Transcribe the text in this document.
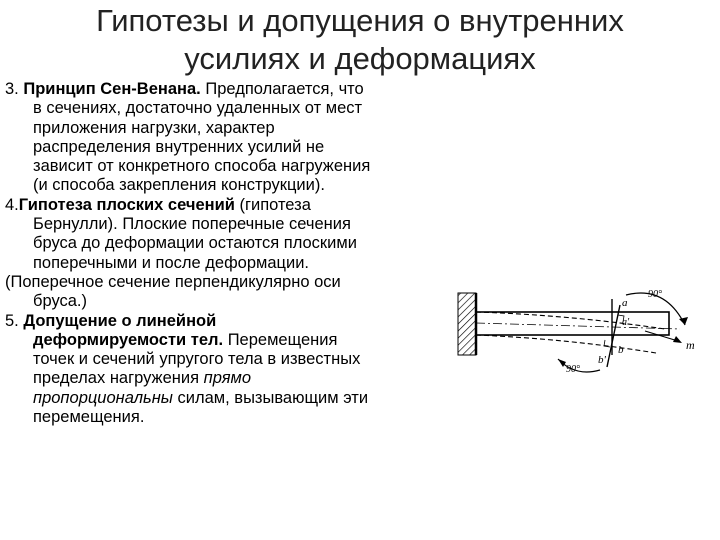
Гипотезы и допущения о внутренних
усилиях и деформациях

3. Принцип Сен-Венана. Предполагается, что
в сечениях, достаточно удаленных от мест
приложения нагрузки, характер
распределения внутренних усилий не
зависит от конкретного способа нагружения
(и способа закрепления конструкции).

4.Гипотеза плоских сечений (гипотеза
Бернулли). Плоские поперечные сечения
бруса до деформации остаются плоскими
поперечными и после деформации.

(Поперечное сечение перпендикулярно оси
бруса.)

5. Допущение о линейной
деформируемости тел. Перемещения
точек и сечений упругого тела в известных
пределах нагружения прямо
пропорциональны силам, вызывающим эти
перемещения.

a
90°
b'
a'
b
90°
m
